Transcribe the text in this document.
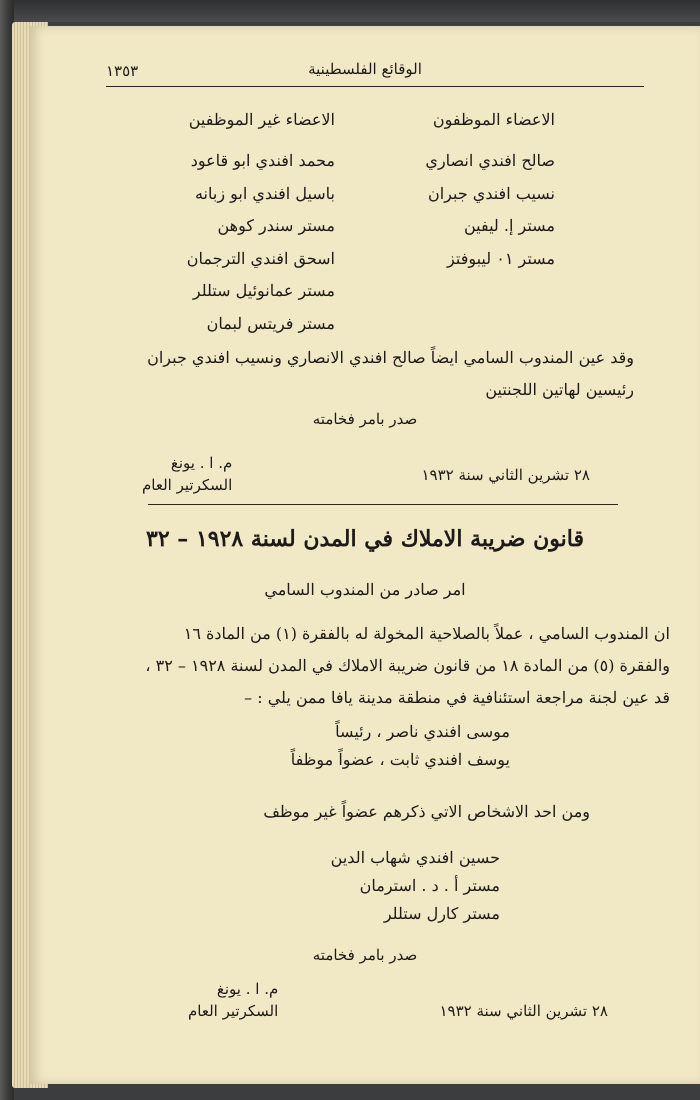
الوقائع الفلسطينية
١٣٥٣
الاعضاء الموظفون
صالح افندي انصاري
نسيب افندي جبران
مستر إ. ليفين
مستر ٠١ ليبوفتز
الاعضاء غير الموظفين
محمد افندي ابو قاعود
باسيل افندي ابو زبانه
مستر سندر كوهن
اسحق افندي الترجمان
مستر عمانوئيل ستللر
مستر فريتس لبمان
وقد عين المندوب السامي ايضاً صالح افندي الانصاري ونسيب افندي جبران رئيسين لهاتين اللجنتين
صدر بامر فخامته
م. ا . يونغ
السكرتير العام
٢٨ تشرين الثاني سنة ١٩٣٢
قانون ضريبة الاملاك في المدن لسنة ١٩٢٨ – ٣٢
امر صادر من المندوب السامي
ان المندوب السامي ، عملاً بالصلاحية المخولة له بالفقرة (١) من المادة ١٦ والفقرة (٥) من المادة ١٨ من قانون ضريبة الاملاك في المدن لسنة ١٩٢٨ – ٣٢ ، قد عين لجنة مراجعة استئنافية في منطقة مدينة يافا ممن يلي : –
موسى افندي ناصر ، رئيساً
يوسف افندي ثابت ، عضواً موظفاً
ومن احد الاشخاص الاتي ذكرهم عضواً غير موظف
حسين افندي شهاب الدين
مستر أ . د . استرمان
مستر كارل ستللر
صدر بامر فخامته
م. ا . يونغ
السكرتير العام	٢٨ تشرين الثاني سنة ١٩٣٢
